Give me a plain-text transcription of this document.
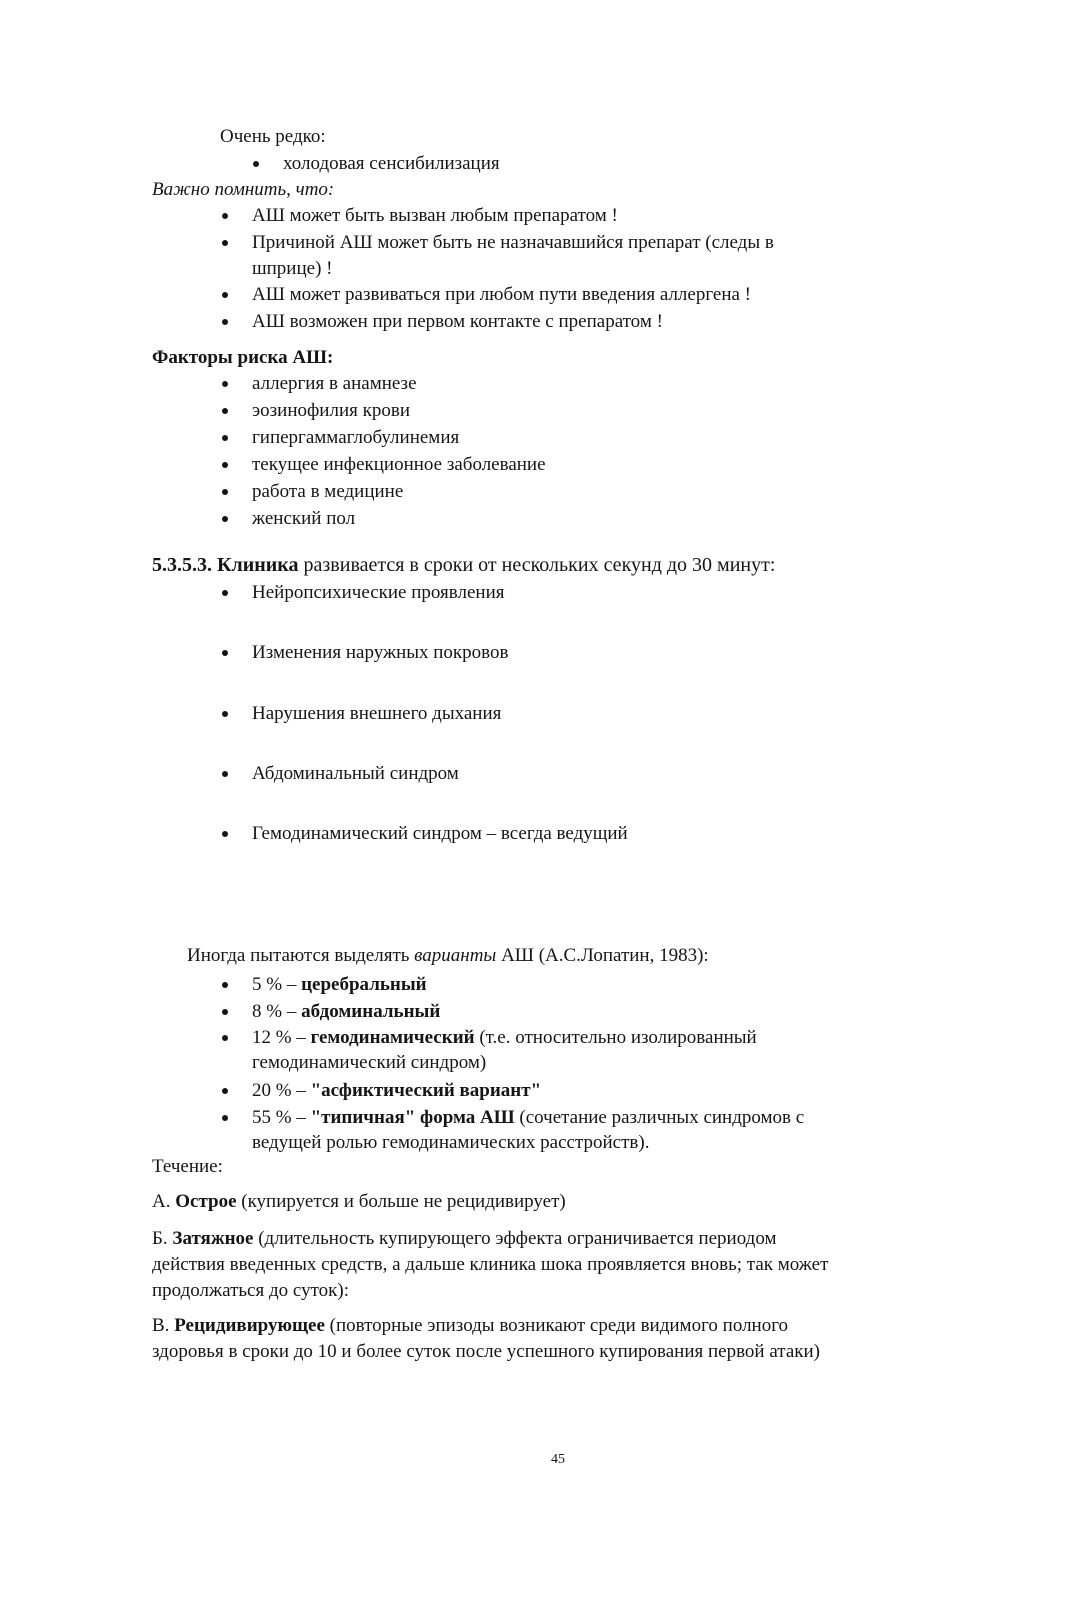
Очень редко:
холодовая сенсибилизация
Важно помнить, что:
АШ может быть вызван любым препаратом !
Причиной АШ может быть не назначавшийся препарат (следы в
шприце) !
АШ может развиваться при любом пути введения аллергена !
АШ возможен при первом контакте с препаратом !
Факторы риска АШ:
аллергия в анамнезе
эозинофилия крови
гипергаммаглобулинемия
текущее инфекционное заболевание
работа в медицине
женский пол
5.3.5.3. Клиника развивается в сроки от нескольких секунд до 30 минут:
Нейропсихические проявления
Изменения наружных покровов
Нарушения внешнего дыхания
Абдоминальный синдром
Гемодинамический синдром – всегда ведущий
Иногда пытаются выделять варианты АШ (А.С.Лопатин, 1983):
5 % – церебральный
8 % – абдоминальный
12 % – гемодинамический (т.е. относительно изолированный
гемодинамический синдром)
20 % – "асфиктический вариант"
55 % – "типичная" форма АШ (сочетание различных синдромов с
ведущей ролью гемодинамических расстройств).
Течение:
А. Острое (купируется и больше не рецидивирует)
Б. Затяжное (длительность купирующего эффекта ограничивается периодом
действия введенных средств, а дальше клиника шока проявляется вновь; так может
продолжаться до суток):
В. Рецидивирующее (повторные эпизоды возникают среди видимого полного
здоровья в сроки до 10 и более суток после успешного купирования первой атаки)
45
